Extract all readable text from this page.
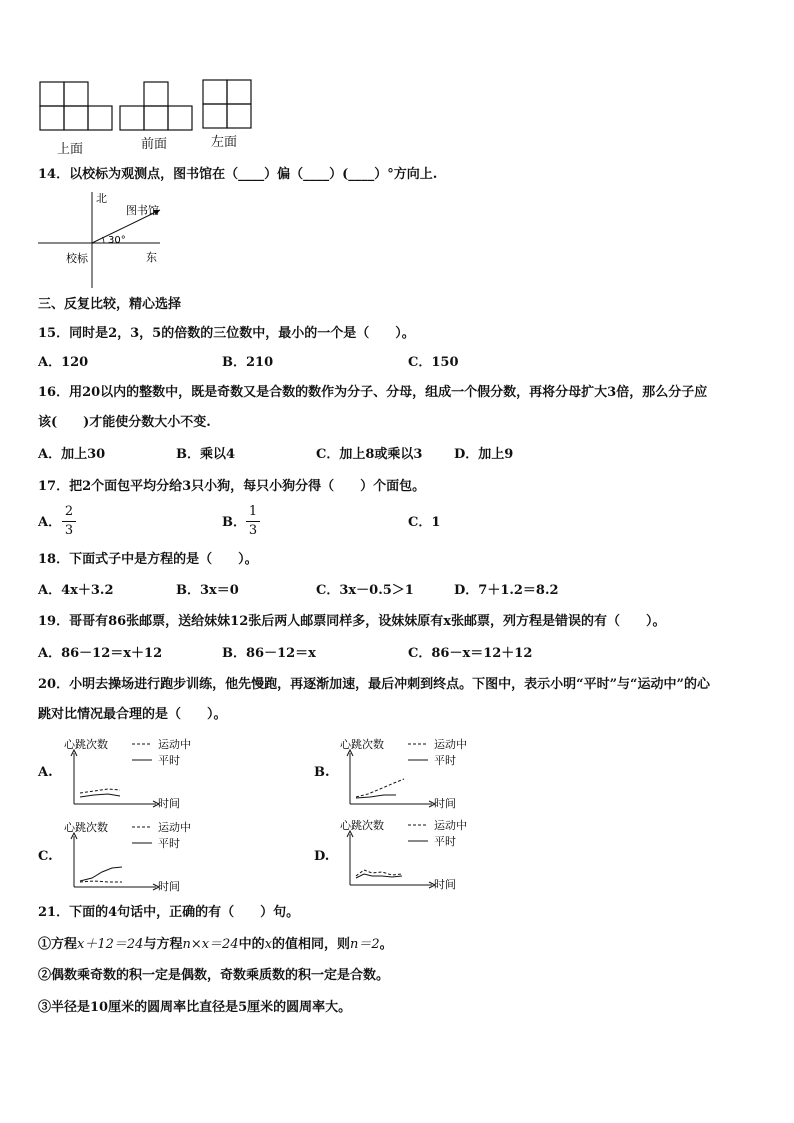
上面	前面	左面
14．以校标为观测点，图书馆在（____）偏（____）(____）°方向上.
北
东
图书馆
校标
30°
三、反复比较，精心选择
15．同时是2，3，5的倍数的三位数中，最小的一个是（　　）。
A．120	B．210	C．150
16．用20以内的整数中，既是奇数又是合数的数作为分子、分母，组成一个假分数，再将分母扩大3倍，那么分子应
该(　　)才能使分数大小不变.
A．加上30	B．乘以4	C．加上8或乘以3 D．加上9
17．把2个面包平均分给3只小狗，每只小狗分得（　　）个面包。
A．
2
3
B．
1
3
C．1
18．下面式子中是方程的是（　　）。
A．4x＋3.2	B．3x＝0	C．3x－0.5＞1	D．7＋1.2＝8.2
19．哥哥有86张邮票，送给妹妹12张后两人邮票同样多，设妹妹原有x张邮票，列方程是错误的有（　　）。
A．86－12＝x＋12	B．86－12＝x	C．86－x＝12＋12
20．小明去操场进行跑步训练，他先慢跑，再逐渐加速，最后冲刺到终点。下图中，表示小明“平时”与“运动中”的心
跳对比情况最合理的是（　　）。
A.
心跳次数
时间
运动中
平时
B.
心跳次数
时间
运动中
平时
C.
心跳次数
时间
运动中
平时
D.
心跳次数
时间
运动中
平时
21．下面的4句话中，正确的有（　　）句。
①方程x＋12＝24与方程n×x＝24中的x的值相同，则n＝2。
②偶数乘奇数的积一定是偶数，奇数乘质数的积一定是合数。
③半径是10厘米的圆周率比直径是5厘米的圆周率大。
